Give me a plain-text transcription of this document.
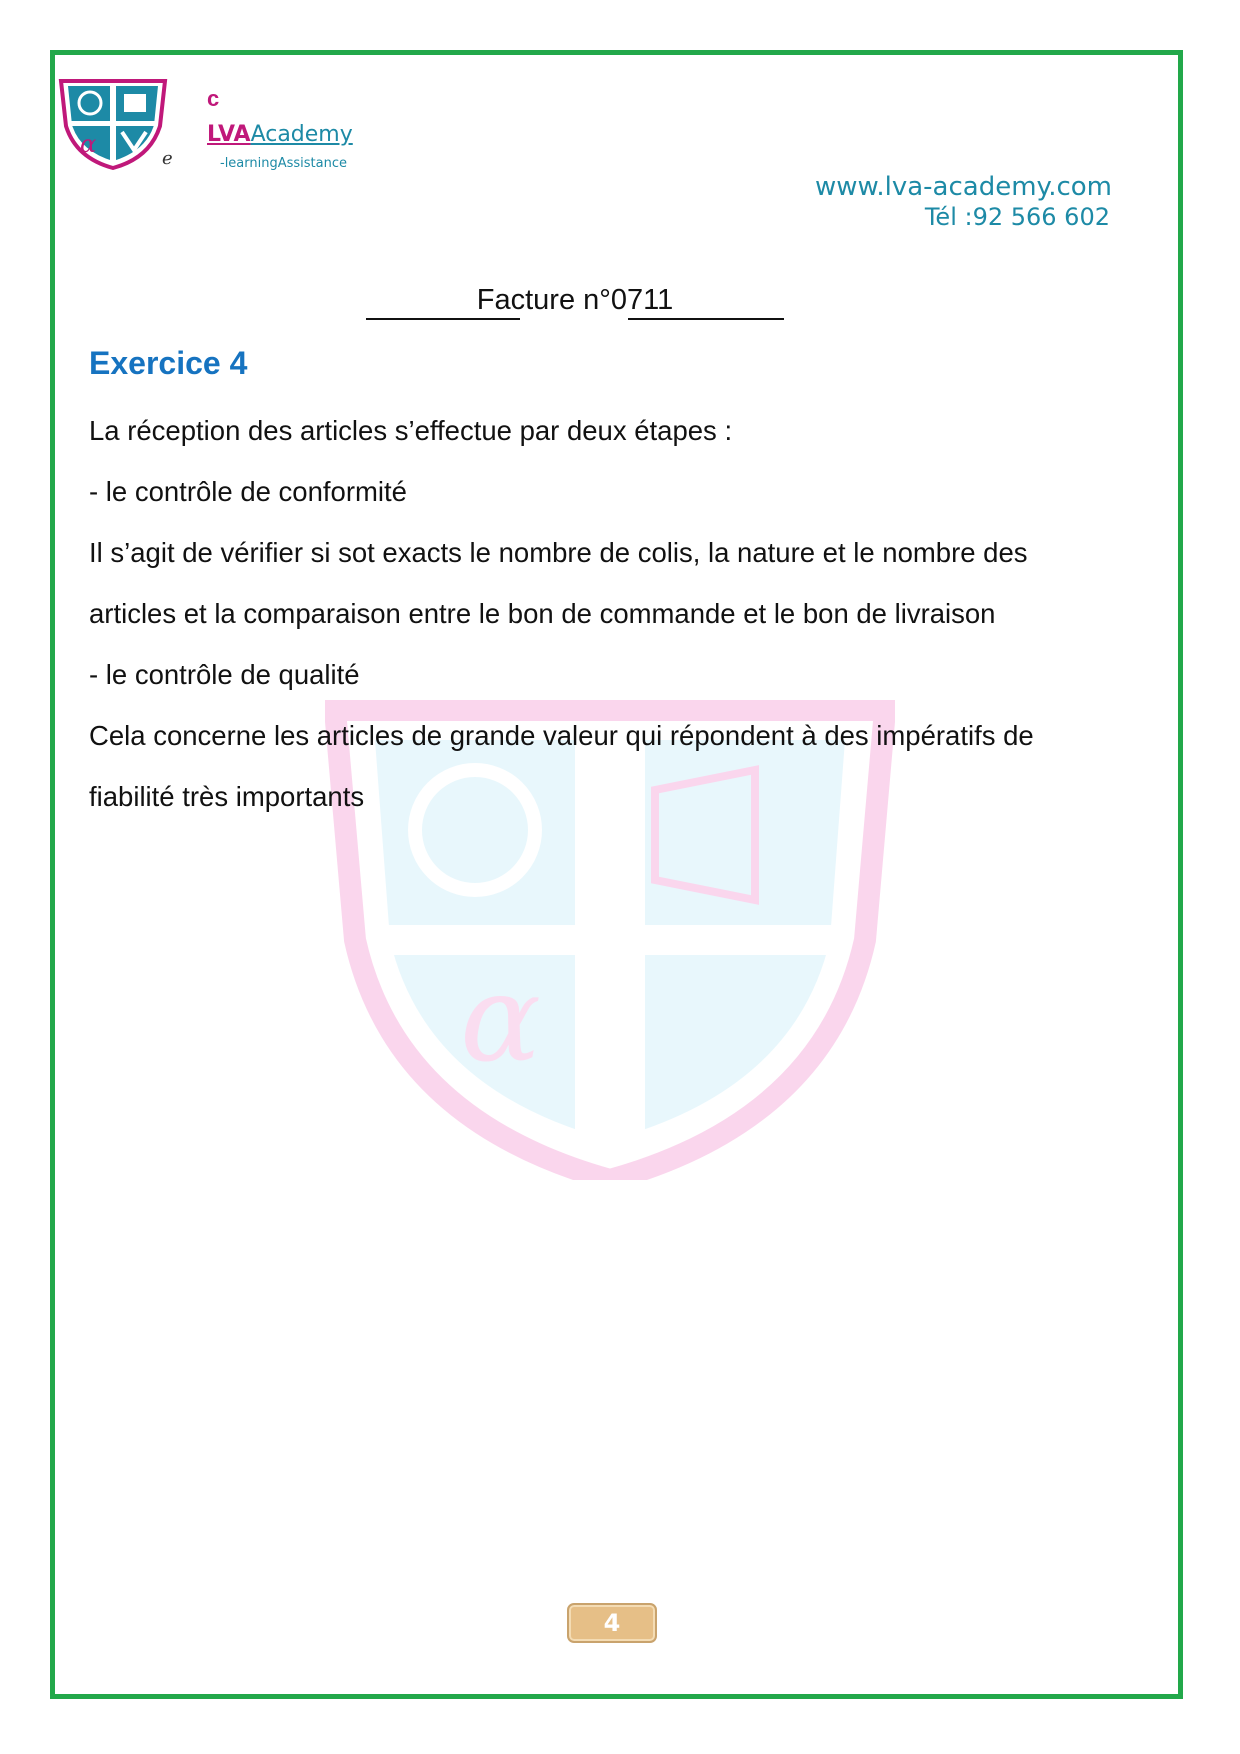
α
α
e
c
LVAAcademy
-learningAssistance
www.lva-academy.com
Tél :92 566 602
Facture n°0711
Exercice 4
La réception des articles s’effectue par deux étapes :
- le contrôle de conformité
Il s’agit de vérifier si sot exacts le nombre de colis, la nature et le nombre des
articles et la comparaison entre le bon de commande et le bon de livraison
- le contrôle de qualité
Cela concerne les articles de grande valeur qui répondent à des impératifs de
fiabilité très importants
4
